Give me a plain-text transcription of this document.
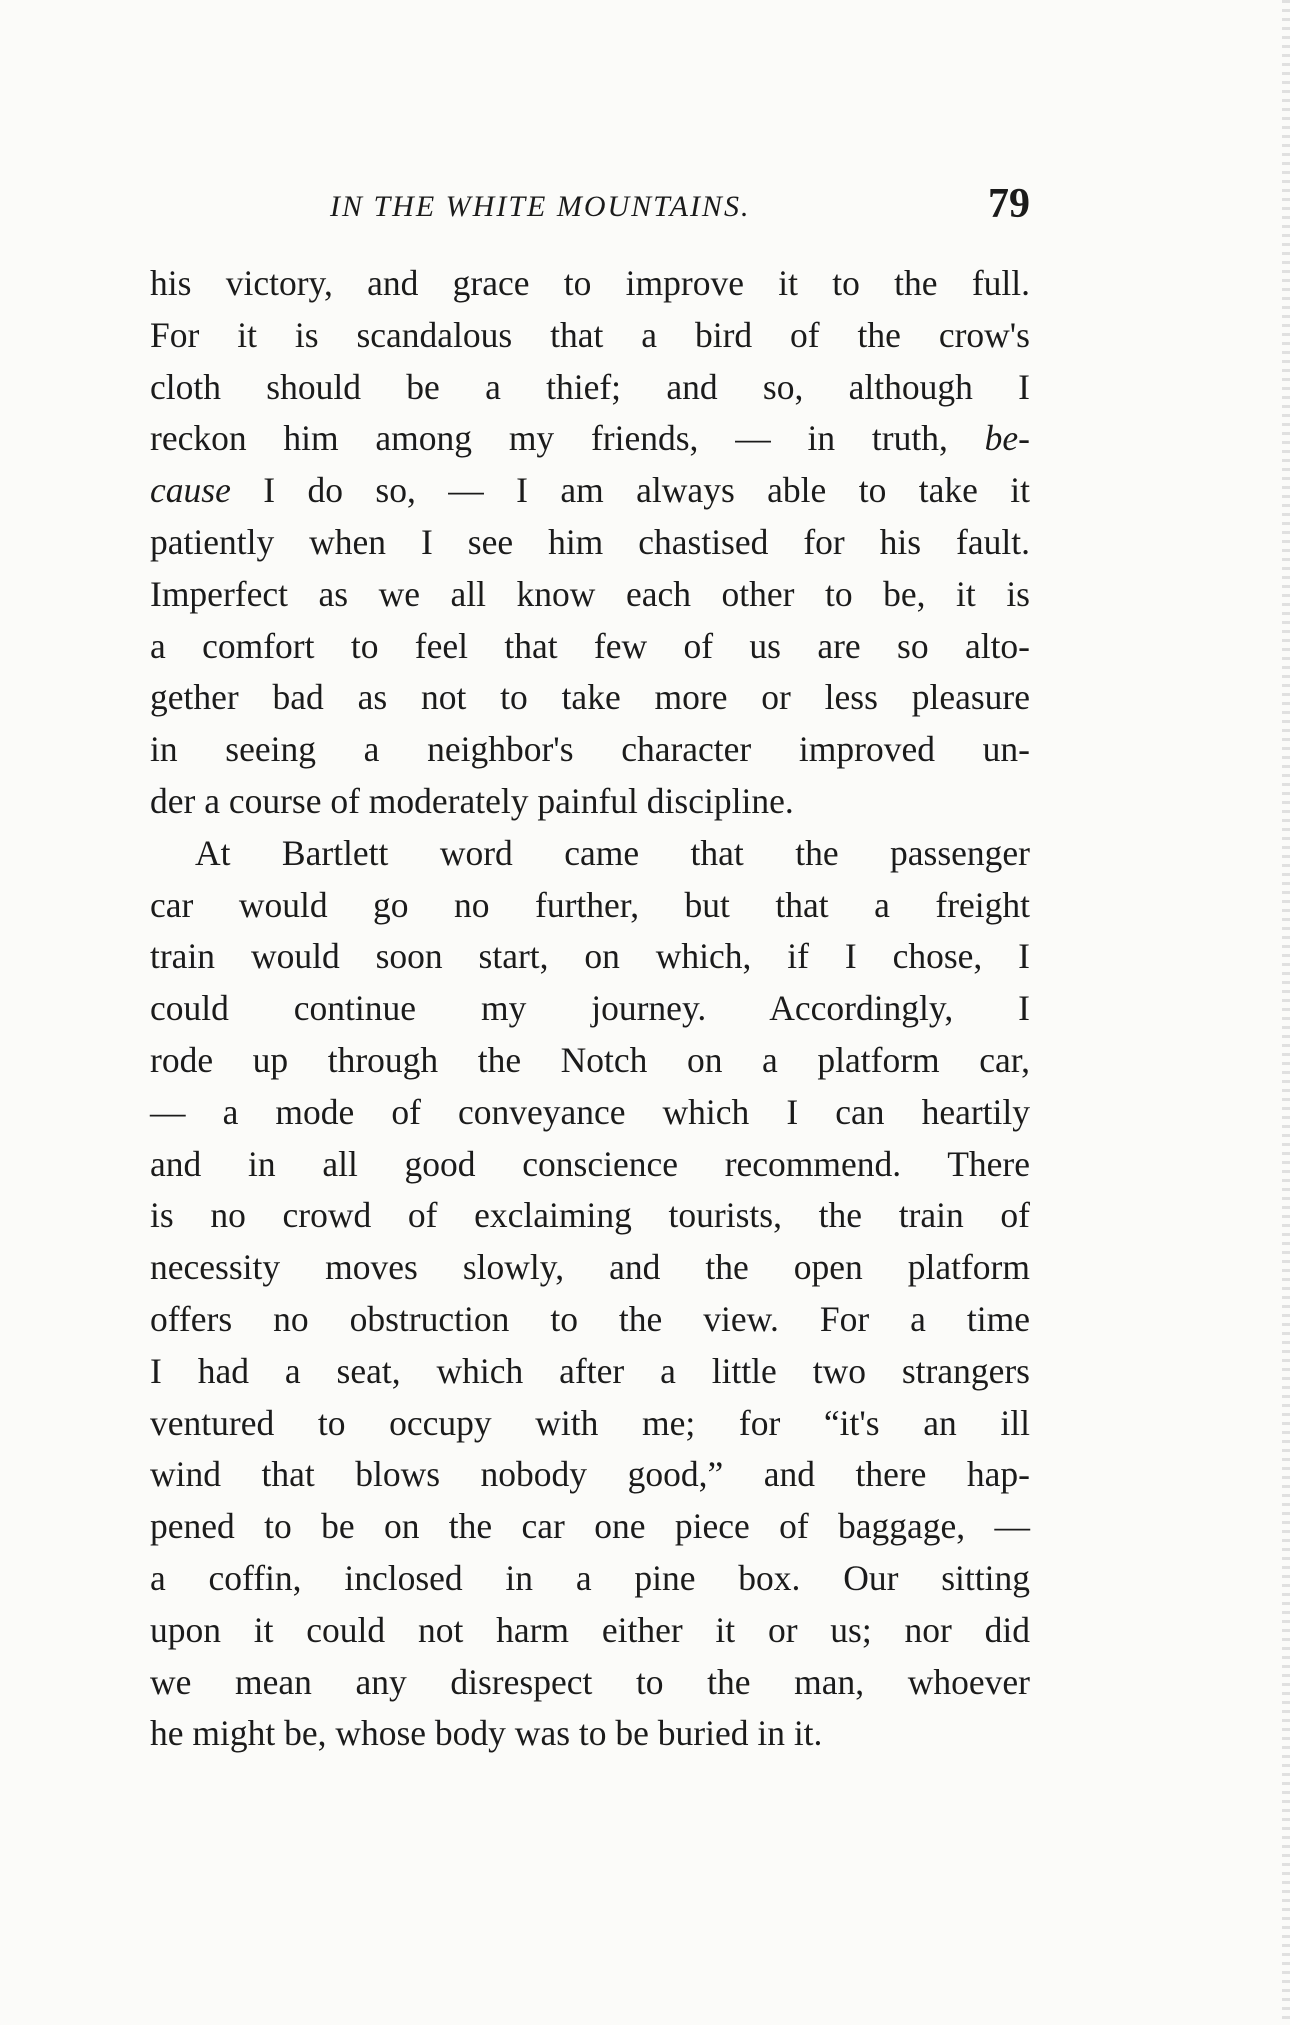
IN THE WHITE MOUNTAINS.	79
his victory, and grace to improve it to the full.
For it is scandalous that a bird of the crow's
cloth should be a thief; and so, although I
reckon him among my friends, — in truth, be-
cause I do so, — I am always able to take it
patiently when I see him chastised for his fault.
Imperfect as we all know each other to be, it is
a comfort to feel that few of us are so alto-
gether bad as not to take more or less pleasure
in seeing a neighbor's character improved un-
der a course of moderately painful discipline.
At Bartlett word came that the passenger
car would go no further, but that a freight
train would soon start, on which, if I chose, I
could continue my journey. Accordingly, I
rode up through the Notch on a platform car,
— a mode of conveyance which I can heartily
and in all good conscience recommend. There
is no crowd of exclaiming tourists, the train of
necessity moves slowly, and the open platform
offers no obstruction to the view. For a time
I had a seat, which after a little two strangers
ventured to occupy with me; for “it's an ill
wind that blows nobody good,” and there hap-
pened to be on the car one piece of baggage, —
a coffin, inclosed in a pine box. Our sitting
upon it could not harm either it or us; nor did
we mean any disrespect to the man, whoever
he might be, whose body was to be buried in it.
